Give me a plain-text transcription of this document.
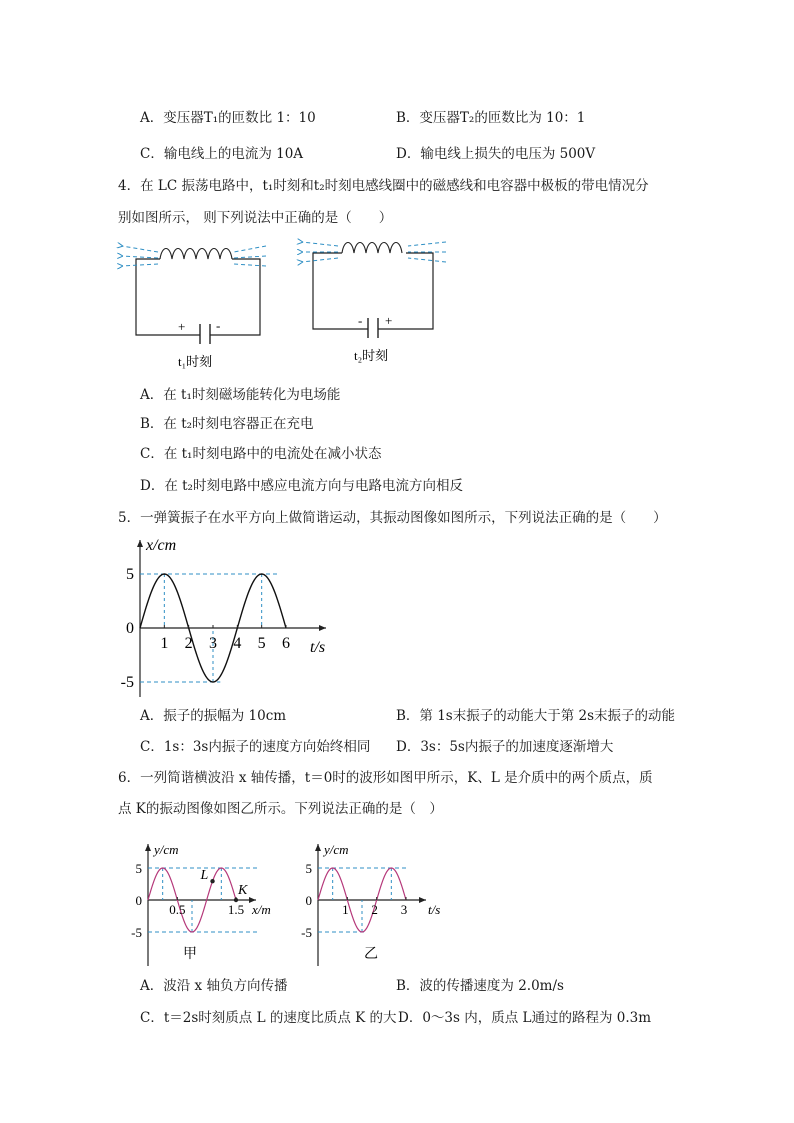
A．变压器T₁的匝数比 1：10	B．变压器T₂的匝数比为 10：1
C．输电线上的电流为 10A	D．输电线上损失的电压为 500V
4．在 LC 振荡电路中，t₁时刻和t₂时刻电感线圈中的磁感线和电容器中极板的带电情况分
别如图所示， 则下列说法中正确的是（　　）
+ -
t₁时刻
- +
t₂时刻
A．在 t₁时刻磁场能转化为电场能
B．在 t₂时刻电容器正在充电
C．在 t₁时刻电路中的电流处在减小状态
D．在 t₂时刻电路中感应电流方向与电路电流方向相反
5．一弹簧振子在水平方向上做简谐运动，其振动图像如图所示，下列说法正确的是（　　）
5
0
-5
1 2 3 4 5 6 t/s
x/cm
A．振子的振幅为 10cm	B．第 1s末振子的动能大于第 2s末振子的动能
C．1s：3s内振子的速度方向始终相同 D．3s：5s内振子的加速度逐渐增大
6．一列简谐横波沿 x 轴传播，t＝0时的波形如图甲所示，K、L 是介质中的两个质点，质
点 K的振动图像如图乙所示。下列说法正确的是（　）
5
0
-5
0.5	1.5 x/m
y/cm
L
K
甲
5
0
-5
1 2 3 t/s
y/cm
乙
A．波沿 x 轴负方向传播	B．波的传播速度为 2.0m/s
C．t＝2s时刻质点 L 的速度比质点 K 的大 D．0～3s 内，质点 L通过的路程为 0.3m
